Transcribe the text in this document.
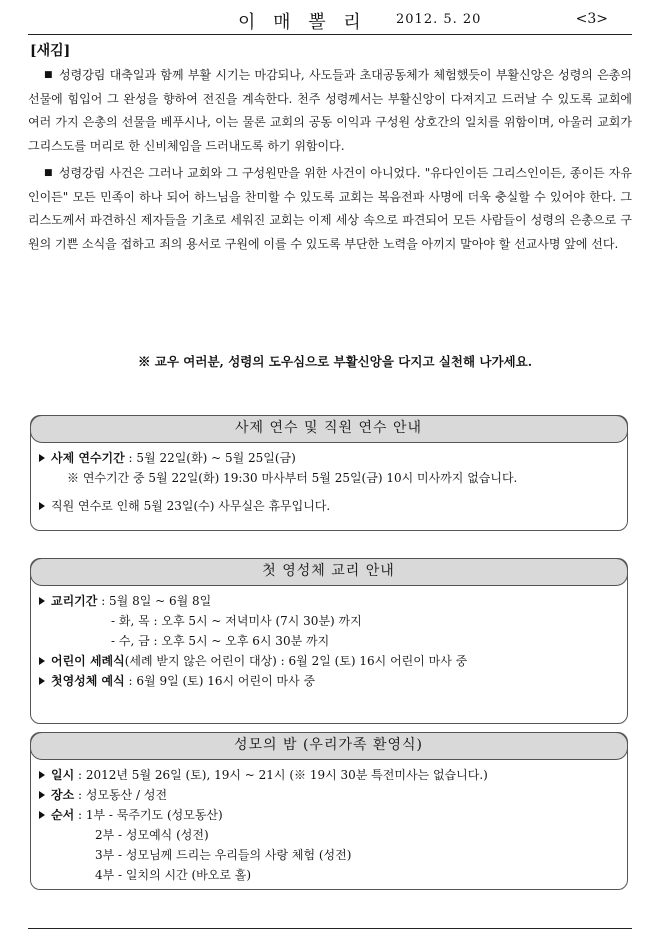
이 매 뽈 리 2012. 5. 20	<3>
[새김]

■ 성령강림 대축일과 함께 부활 시기는 마감되나, 사도들과 초대공동체가 체험했듯이 부활신앙은 성령의 은총의 선물에 힘입어 그 완성을 향하여 전진을 계속한다. 천주 성령께서는 부활신앙이 다져지고 드러날 수 있도록 교회에 여러 가지 은총의 선물을 베푸시나, 이는 물론 교회의 공동 이익과 구성원 상호간의 일치를 위함이며, 아울러 교회가 그리스도를 머리로 한 신비체임을 드러내도록 하기 위함이다.

■ 성령강림 사건은 그러나 교회와 그 구성원만을 위한 사건이 아니었다. "유다인이든 그리스인이든, 종이든 자유인이든" 모든 민족이 하나 되어 하느님을 찬미할 수 있도록 교회는 복음전파 사명에 더욱 충실할 수 있어야 한다. 그리스도께서 파견하신 제자들을 기초로 세워진 교회는 이제 세상 속으로 파견되어 모든 사람들이 성령의 은총으로 구원의 기쁜 소식을 접하고 죄의 용서로 구원에 이를 수 있도록 부단한 노력을 아끼지 말아야 할 선교사명 앞에 선다.

※ 교우 여러분, 성령의 도우심으로 부활신앙을 다지고 실천해 나가세요.
사제 연수 및 직원 연수 안내
사제 연수기간 : 5월 22일(화) ~ 5월 25일(금)
※ 연수기간 중 5월 22일(화) 19:30 마사부터 5월 25일(금) 10시 미사까지 없습니다.
직원 연수로 인해 5월 23일(수) 사무실은 휴무입니다.
첫 영성체 교리 안내
교리기간 : 5월 8일 ~ 6월 8일
- 화, 목 : 오후 5시 ~ 저녁미사 (7시 30분) 까지
- 수, 금 : 오후 5시 ~ 오후 6시 30분 까지
어린이 세례식(세례 받지 않은 어린이 대상) : 6월 2일 (토) 16시 어린이 마사 중
첫영성체 예식 : 6월 9일 (토) 16시 어린이 마사 중
성모의 밤 (우리가족 환영식)
일시 : 2012년 5월 26일 (토), 19시 ~ 21시 (※ 19시 30분 특전미사는 없습니다.)
장소 : 성모동산 / 성전
순서 : 1부 - 묵주기도 (성모동산)
2부 - 성모예식 (성전)
3부 - 성모님께 드리는 우리들의 사랑 체험 (성전)
4부 - 일치의 시간 (바오로 홀)
